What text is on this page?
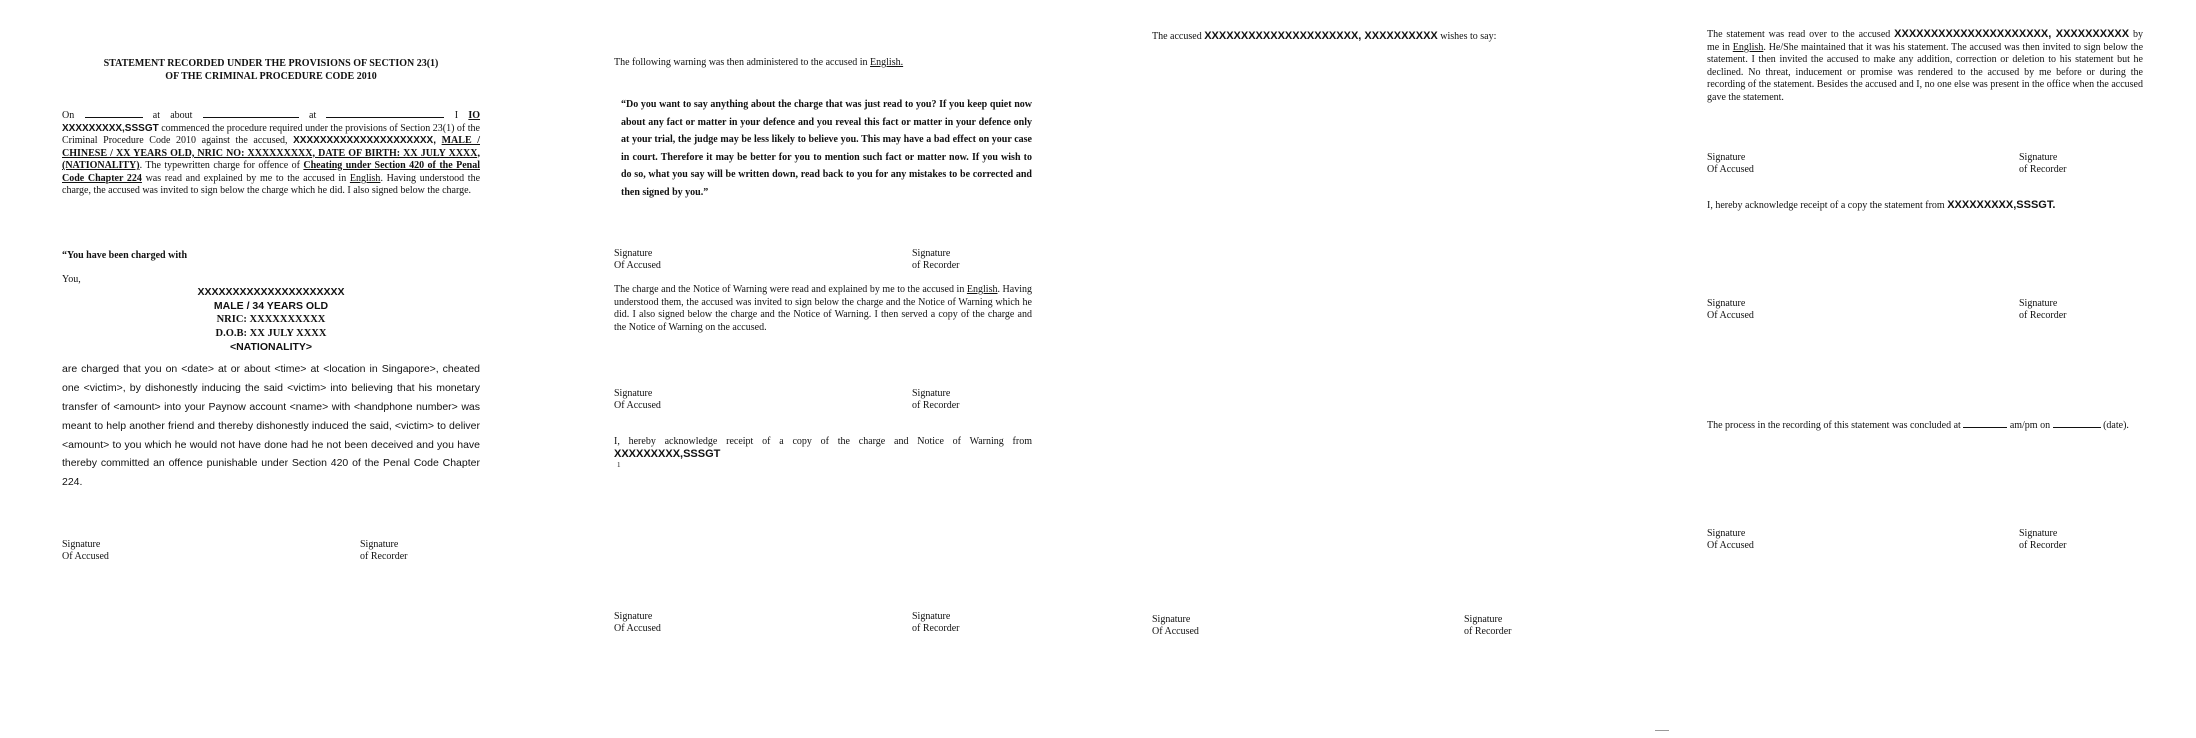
STATEMENT RECORDED UNDER THE PROVISIONS OF SECTION 23(1)
OF THE CRIMINAL PROCEDURE CODE 2010
On	at about	at	I IO XXXXXXXXX,SSSGT commenced the procedure required under the provisions of Section 23(1) of the Criminal Procedure Code 2010 against the accused, XXXXXXXXXXXXXXXXXXXXX, MALE / CHINESE / XX YEARS OLD, NRIC NO: XXXXXXXXX, DATE OF BIRTH: XX JULY XXXX, (NATIONALITY). The typewritten charge for offence of Cheating under Section 420 of the Penal Code Chapter 224 was read and explained by me to the accused in English. Having understood the charge, the accused was invited to sign below the charge which he did. I also signed below the charge.
“You have been charged with
You,
XXXXXXXXXXXXXXXXXXXXX
MALE / 34 YEARS OLD
NRIC: XXXXXXXXXX
D.O.B: XX JULY XXXX
<NATIONALITY>
are charged that you on <date> at or about <time> at <location in Singapore>, cheated one <victim>, by dishonestly inducing the said <victim> into believing that his monetary transfer of <amount> into your Paynow account <name> with <handphone number> was meant to help another friend and thereby dishonestly induced the said, <victim> to deliver <amount> to you which he would not have done had he not been deceived and you have thereby committed an offence punishable under Section 420 of the Penal Code Chapter 224.
Signature
Of Accused
Signature
of Recorder
The following warning was then administered to the accused in English.
“Do you want to say anything about the charge that was just read to you? If you keep quiet now about any fact or matter in your defence and you reveal this fact or matter in your defence only at your trial, the judge may be less likely to believe you. This may have a bad effect on your case in court. Therefore it may be better for you to mention such fact or matter now. If you wish to do so, what you say will be written down, read back to you for any mistakes to be corrected and then signed by you.”
Signature
Of Accused
Signature
of Recorder
The charge and the Notice of Warning were read and explained by me to the accused in English. Having understood them, the accused was invited to sign below the charge and the Notice of Warning which he did. I also signed below the charge and the Notice of Warning. I then served a copy of the charge and the Notice of Warning on the accused.
Signature
Of Accused
Signature
of Recorder
I, hereby acknowledge receipt of a copy of the charge and Notice of Warning from
XXXXXXXXX,SSSGT
1
Signature
Of Accused
Signature
of Recorder
The accused XXXXXXXXXXXXXXXXXXXXX, XXXXXXXXXX wishes to say:
Signature
Of Accused
Signature
of Recorder
The statement was read over to the accused XXXXXXXXXXXXXXXXXXXXX, XXXXXXXXXX by me in English. He/She maintained that it was his statement. The accused was then invited to sign below the statement. I then invited the accused to make any addition, correction or deletion to his statement but he declined. No threat, inducement or promise was rendered to the accused by me before or during the recording of the statement. Besides the accused and I, no one else was present in the office when the accused gave the statement.
Signature
Of Accused
Signature
of Recorder
I, hereby acknowledge receipt of a copy the statement from XXXXXXXXX,SSSGT.
Signature
Of Accused
Signature
of Recorder
The process in the recording of this statement was concluded at	am/pm on	(date).
Signature
Of Accused
Signature
of Recorder
